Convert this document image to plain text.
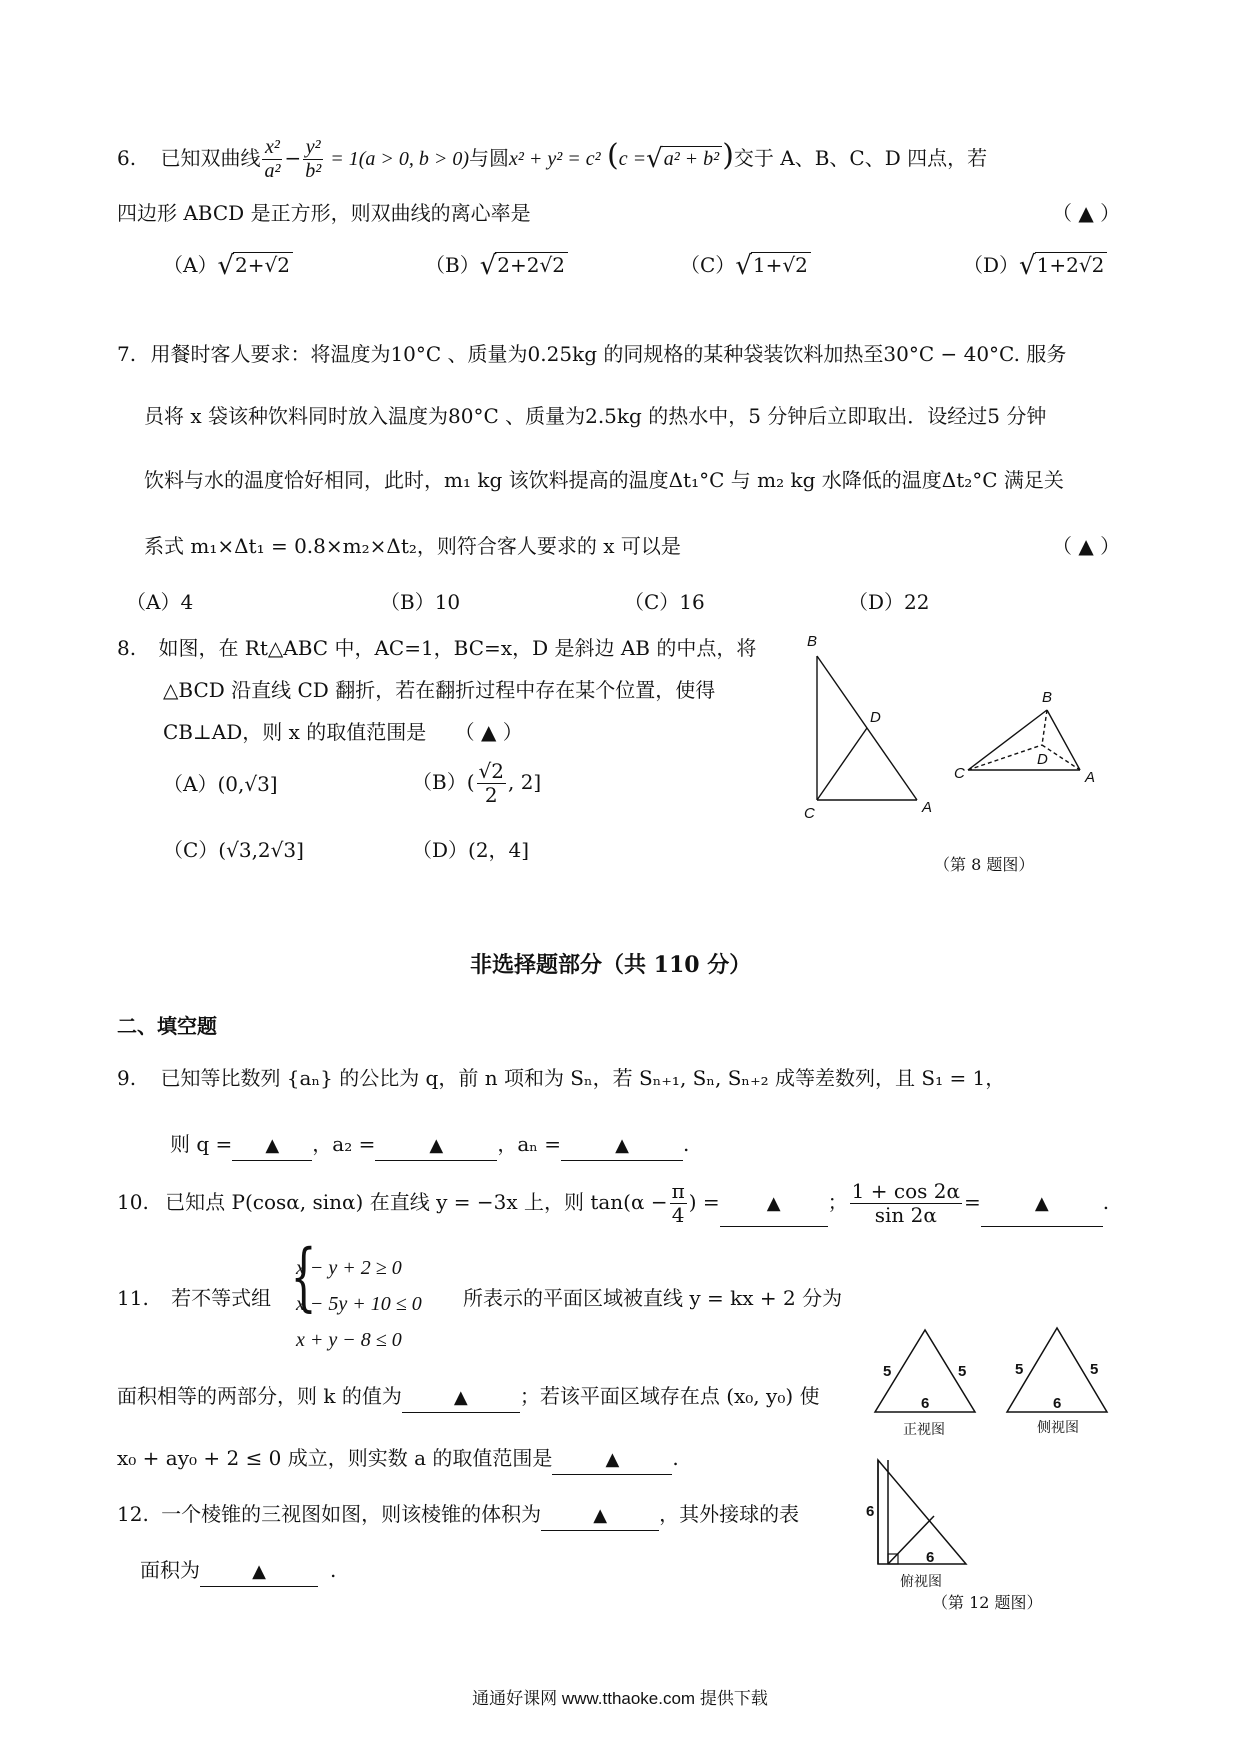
6. 已知双曲线 $\frac{\text{x²}}{\text{a²}} - \frac{\text{y²}}{\text{b²}} = 1(a > 0$, b > 0)与圆x² + y² = c² (c =√a² + b² )交于 A、B、C、D 四点，若
四边形 ABCD 是正方形，则双曲线的离心率是	（ ▲ ）
（A）√2+√2	（B）√2+2√2	（C）√1+√2	（D）√1+2√2
7. 用餐时客人要求：将温度为10°C 、质量为0.25kg 的同规格的某种袋装饮料加热至30°C − 40°C. 服务
员将 x 袋该种饮料同时放入温度为80°C 、质量为2.5kg 的热水中，5 分钟后立即取出．设经过5 分钟
饮料与水的温度恰好相同，此时，m₁ kg 该饮料提高的温度Δt₁°C 与 m₂ kg 水降低的温度Δt₂°C 满足关
系式 m₁×Δt₁ = 0.8×m₂×Δt₂，则符合客人要求的 x 可以是	（ ▲ ）
（A）4	（B）10	（C）16	（D）22
8. 如图，在 Rt△ABC 中，AC=1，BC=x，D 是斜边 AB 的中点，将
△BCD 沿直线 CD 翻折，若在翻折过程中存在某个位置，使得
CB⊥AD，则 x 的取值范围是 （ ▲ ）
（A）(0,√3]	$(B)( \frac{√2}{2}$ , 2]
（C）(√3,2√3]	（D）(2，4]
B
D
C	A
B
D
C	A
（第 8 题图）
非选择题部分（共 110 分）
二、填空题
9. 已知等比数列 {aₙ} 的公比为 q，前 n 项和为 Sₙ，若 Sₙ₊₁, Sₙ, Sₙ₊₂ 成等差数列，且 S₁ = 1，
则 q = ▲ ，a₂ =	▲	，aₙ =	▲	.
10. 已知点 P(cosα, sinα) 在直线 y = −3x 上，则 $\tan(\alpha - \frac{\pi}{4}$ ) =	▲ ； $\frac{1 + \cos 2\alpha}{\sin 2\alpha}$ =	▲	.
11. 若不等式组 {
x − y + 2 ≥ 0
x − 5y + 10 ≤ 0
x + y − 8 ≤ 0
所表示的平面区域被直线 y = kx + 2 分为
面积相等的两部分，则 k 的值为	▲	；若该平面区域存在点 (x₀, y₀) 使
x₀ + ay₀ + 2 ≤ 0 成立，则实数 a 的取值范围是	▲	.
12. 一个棱锥的三视图如图，则该棱锥的体积为	▲	，其外接球的表
面积为	▲	.
5	5
6
5	5
6
6
6
正视图	侧视图
俯视图
（第 12 题图）
通通好课网 www.tthaoke.com 提供下载
